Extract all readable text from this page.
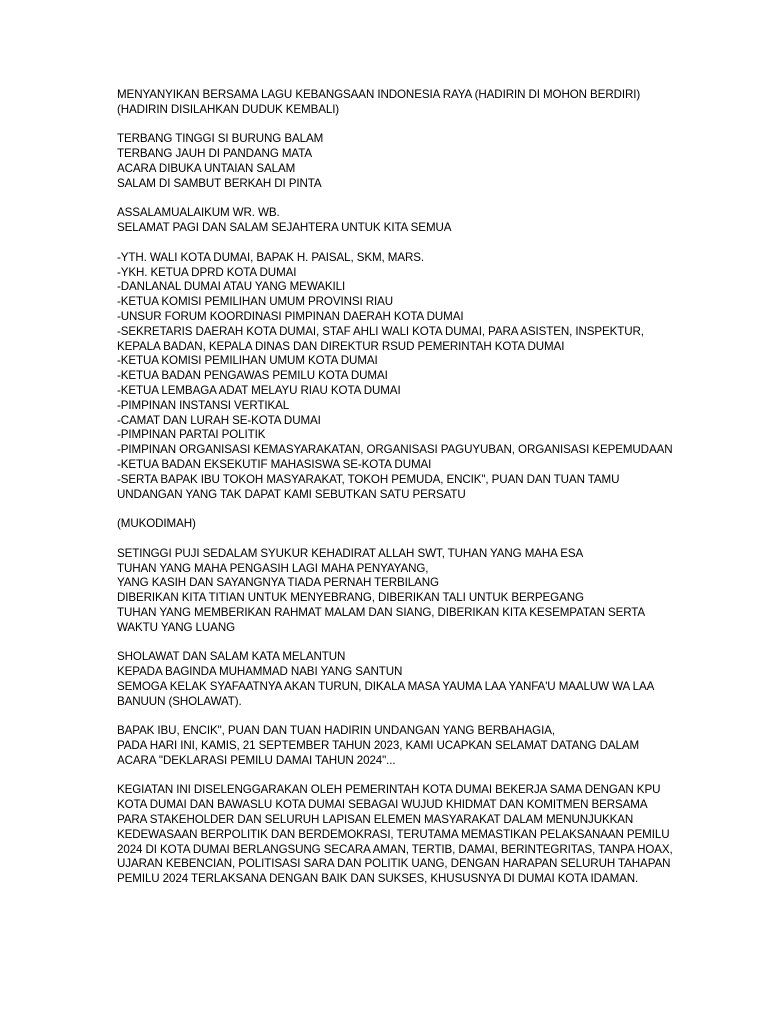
MENYANYIKAN BERSAMA LAGU KEBANGSAAN INDONESIA RAYA (HADIRIN DI MOHON BERDIRI)
(HADIRIN DISILAHKAN DUDUK KEMBALI)
TERBANG TINGGI SI BURUNG BALAM
TERBANG JAUH DI PANDANG MATA
ACARA DIBUKA UNTAIAN SALAM
SALAM DI SAMBUT BERKAH DI PINTA
ASSALAMUALAIKUM WR. WB.
SELAMAT PAGI DAN SALAM SEJAHTERA UNTUK KITA SEMUA
-YTH. WALI KOTA DUMAI, BAPAK H. PAISAL, SKM, MARS.
-YKH. KETUA DPRD KOTA DUMAI
-DANLANAL DUMAI ATAU YANG MEWAKILI
-KETUA KOMISI PEMILIHAN UMUM PROVINSI RIAU
-UNSUR FORUM KOORDINASI PIMPINAN DAERAH KOTA DUMAI
-SEKRETARIS DAERAH KOTA DUMAI, STAF AHLI WALI KOTA DUMAI, PARA ASISTEN, INSPEKTUR,
KEPALA BADAN, KEPALA DINAS DAN DIREKTUR RSUD PEMERINTAH KOTA DUMAI
-KETUA KOMISI PEMILIHAN UMUM KOTA DUMAI
-KETUA BADAN PENGAWAS PEMILU KOTA DUMAI
-KETUA LEMBAGA ADAT MELAYU RIAU KOTA DUMAI
-PIMPINAN INSTANSI VERTIKAL
-CAMAT DAN LURAH SE-KOTA DUMAI
-PIMPINAN PARTAI POLITIK
-PIMPINAN ORGANISASI KEMASYARAKATAN, ORGANISASI PAGUYUBAN, ORGANISASI KEPEMUDAAN
-KETUA BADAN EKSEKUTIF MAHASISWA SE-KOTA DUMAI
-SERTA BAPAK IBU TOKOH MASYARAKAT, TOKOH PEMUDA, ENCIK", PUAN DAN TUAN TAMU
UNDANGAN YANG TAK DAPAT KAMI SEBUTKAN SATU PERSATU
(MUKODIMAH)
SETINGGI PUJI SEDALAM SYUKUR KEHADIRAT ALLAH SWT, TUHAN YANG MAHA ESA
TUHAN YANG MAHA PENGASIH LAGI MAHA PENYAYANG,
YANG KASIH DAN SAYANGNYA TIADA PERNAH TERBILANG
DIBERIKAN KITA TITIAN UNTUK MENYEBRANG, DIBERIKAN TALI UNTUK BERPEGANG
TUHAN YANG MEMBERIKAN RAHMAT MALAM DAN SIANG, DIBERIKAN KITA KESEMPATAN SERTA
WAKTU YANG LUANG
SHOLAWAT DAN SALAM KATA MELANTUN
KEPADA BAGINDA MUHAMMAD NABI YANG SANTUN
SEMOGA KELAK SYAFAATNYA AKAN TURUN, DIKALA MASA YAUMA LAA YANFA'U MAALUW WA LAA
BANUUN (SHOLAWAT).
BAPAK IBU, ENCIK", PUAN DAN TUAN HADIRIN UNDANGAN YANG BERBAHAGIA,
PADA HARI INI, KAMIS, 21 SEPTEMBER TAHUN 2023, KAMI UCAPKAN SELAMAT DATANG DALAM
ACARA "DEKLARASI PEMILU DAMAI TAHUN 2024"...
KEGIATAN INI DISELENGGARAKAN OLEH PEMERINTAH KOTA DUMAI BEKERJA SAMA DENGAN KPU
KOTA DUMAI DAN BAWASLU KOTA DUMAI SEBAGAI WUJUD KHIDMAT DAN KOMITMEN BERSAMA
PARA STAKEHOLDER DAN SELURUH LAPISAN ELEMEN MASYARAKAT DALAM MENUNJUKKAN
KEDEWASAAN BERPOLITIK DAN BERDEMOKRASI, TERUTAMA MEMASTIKAN PELAKSANAAN PEMILU
2024 DI KOTA DUMAI BERLANGSUNG SECARA AMAN, TERTIB, DAMAI, BERINTEGRITAS, TANPA HOAX,
UJARAN KEBENCIAN, POLITISASI SARA DAN POLITIK UANG, DENGAN HARAPAN SELURUH TAHAPAN
PEMILU 2024 TERLAKSANA DENGAN BAIK DAN SUKSES, KHUSUSNYA DI DUMAI KOTA IDAMAN.
